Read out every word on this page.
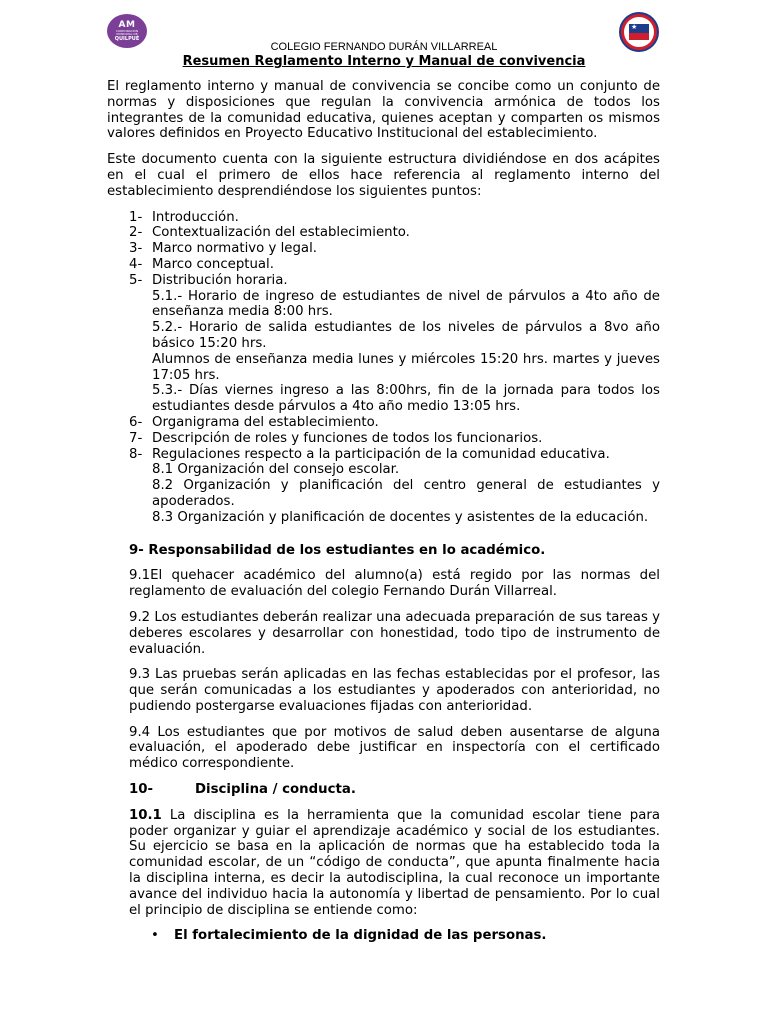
AM
CORPORACIÓN
MUNICIPAL DE
QUILPUÉ
★
COLEGIO FERNANDO DURÁN VILLARREAL
Resumen Reglamento Interno y Manual de convivencia

El reglamento interno y manual de convivencia se concibe como un conjunto de normas y disposiciones que regulan la convivencia armónica de todos los integrantes de la comunidad educativa, quienes aceptan y comparten os mismos valores definidos en Proyecto Educativo Institucional del establecimiento.

Este documento cuenta con la siguiente estructura dividiéndose en dos acápites en el cual el primero de ellos hace referencia al reglamento interno del establecimiento desprendiéndose los siguientes puntos:

1- Introducción.
2- Contextualización del establecimiento.
3- Marco normativo y legal.
4- Marco conceptual.
5- Distribución horaria.
5.1.- Horario de ingreso de estudiantes de nivel de párvulos a 4to año de enseñanza media 8:00 hrs.
5.2.- Horario de salida estudiantes de los niveles de párvulos a 8vo año básico 15:20 hrs.
Alumnos de enseñanza media lunes y miércoles 15:20 hrs. martes y jueves 17:05 hrs.
5.3.- Días viernes ingreso a las 8:00hrs, fin de la jornada para todos los estudiantes desde párvulos a 4to año medio 13:05 hrs.
6- Organigrama del establecimiento.
7- Descripción de roles y funciones de todos los funcionarios.
8- Regulaciones respecto a la participación de la comunidad educativa.
8.1 Organización del consejo escolar.
8.2 Organización y planificación del centro general de estudiantes y apoderados.
8.3 Organización y planificación de docentes y asistentes de la educación.
9- Responsabilidad de los estudiantes en lo académico.

9.1El quehacer académico del alumno(a) está regido por las normas del reglamento de evaluación del colegio Fernando Durán Villarreal.

9.2 Los estudiantes deberán realizar una adecuada preparación de sus tareas y deberes escolares y desarrollar con honestidad, todo tipo de instrumento de evaluación.

9.3 Las pruebas serán aplicadas en las fechas establecidas por el profesor, las que serán comunicadas a los estudiantes y apoderados con anterioridad, no pudiendo postergarse evaluaciones fijadas con anterioridad.

9.4 Los estudiantes que por motivos de salud deben ausentarse de alguna evaluación, el apoderado debe justificar en inspectoría con el certificado médico correspondiente.

10-	Disciplina / conducta.

10.1 La disciplina es la herramienta que la comunidad escolar tiene para poder organizar y guiar el aprendizaje académico y social de los estudiantes. Su ejercicio se basa en la aplicación de normas que ha establecido toda la comunidad escolar, de un “código de conducta”, que apunta finalmente hacia la disciplina interna, es decir la autodisciplina, la cual reconoce un importante avance del individuo hacia la autonomía y libertad de pensamiento. Por lo cual el principio de disciplina se entiende como:

• El fortalecimiento de la dignidad de las personas.
